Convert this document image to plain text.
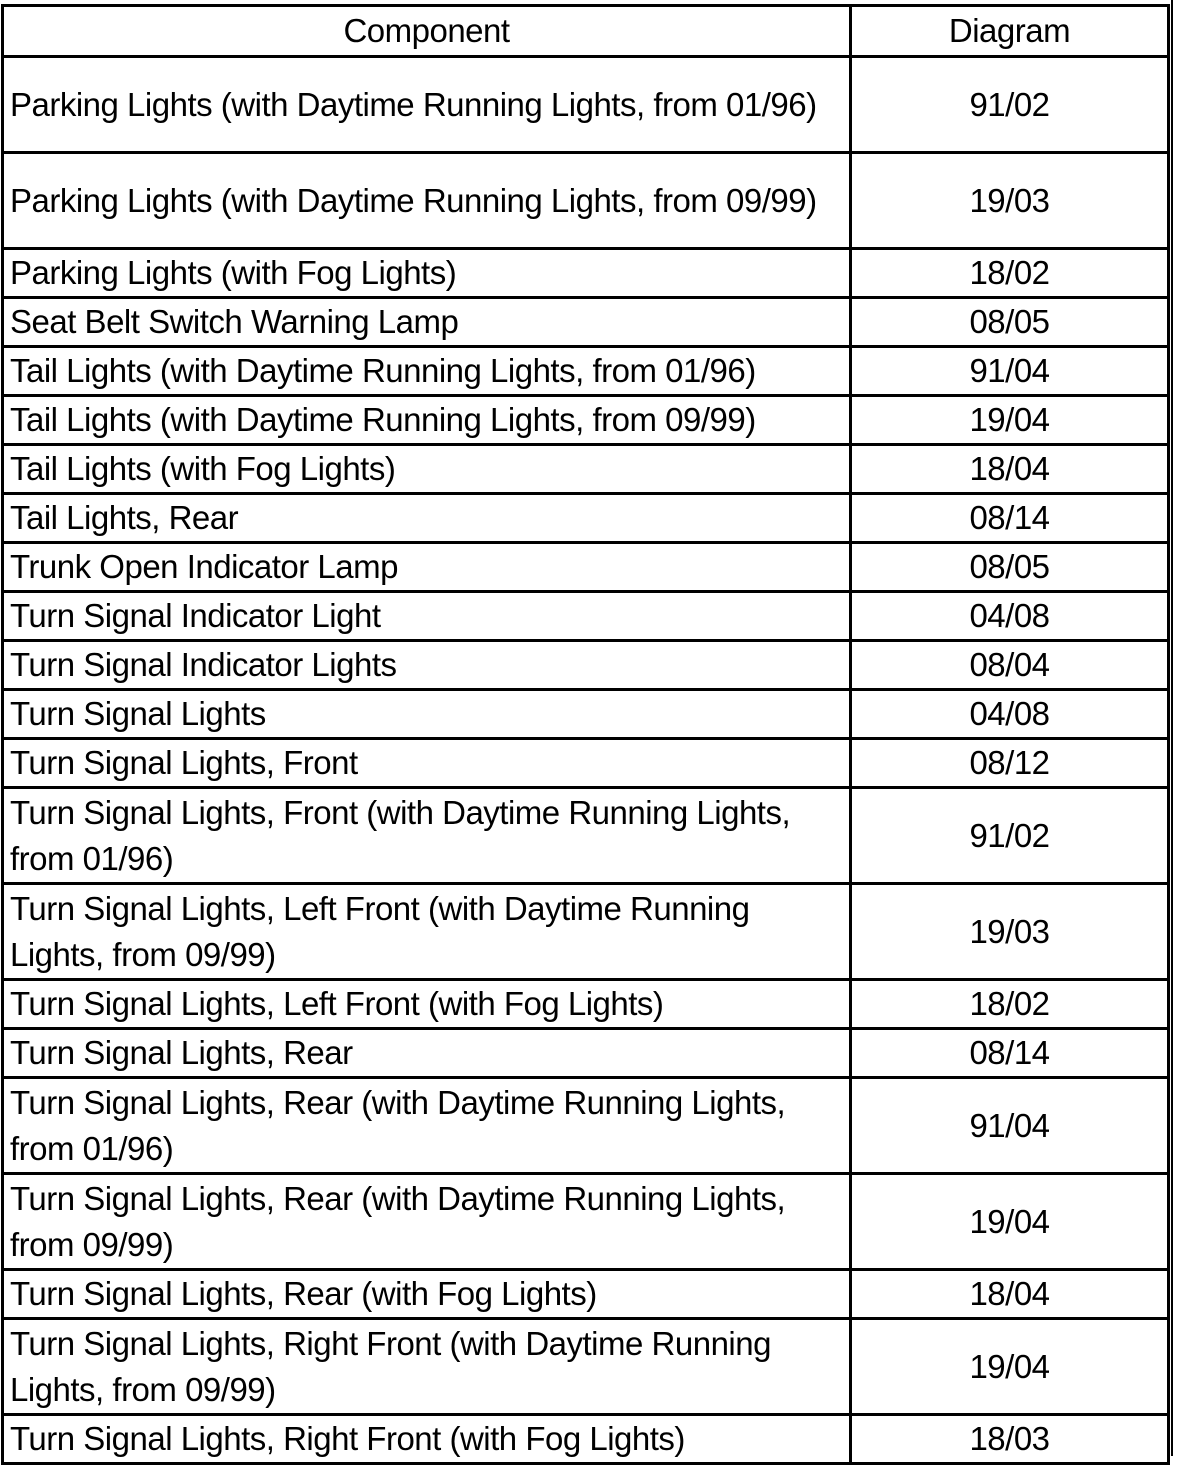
Component	Diagram
Parking Lights (with Daytime Running Lights, from 01/96)	91/02
Parking Lights (with Daytime Running Lights, from 09/99)	19/03
Parking Lights (with Fog Lights)	18/02
Seat Belt Switch Warning Lamp	08/05
Tail Lights (with Daytime Running Lights, from 01/96)	91/04
Tail Lights (with Daytime Running Lights, from 09/99)	19/04
Tail Lights (with Fog Lights)	18/04
Tail Lights, Rear	08/14
Trunk Open Indicator Lamp	08/05
Turn Signal Indicator Light	04/08
Turn Signal Indicator Lights	08/04
Turn Signal Lights	04/08
Turn Signal Lights, Front	08/12
Turn Signal Lights, Front (with Daytime Running Lights, from 01/96)	91/02
Turn Signal Lights, Left Front (with Daytime Running Lights, from 09/99)	19/03
Turn Signal Lights, Left Front (with Fog Lights)	18/02
Turn Signal Lights, Rear	08/14
Turn Signal Lights, Rear (with Daytime Running Lights, from 01/96)	91/04
Turn Signal Lights, Rear (with Daytime Running Lights, from 09/99)	19/04
Turn Signal Lights, Rear (with Fog Lights)	18/04
Turn Signal Lights, Right Front (with Daytime Running Lights, from 09/99)	19/04
Turn Signal Lights, Right Front (with Fog Lights)	18/03
